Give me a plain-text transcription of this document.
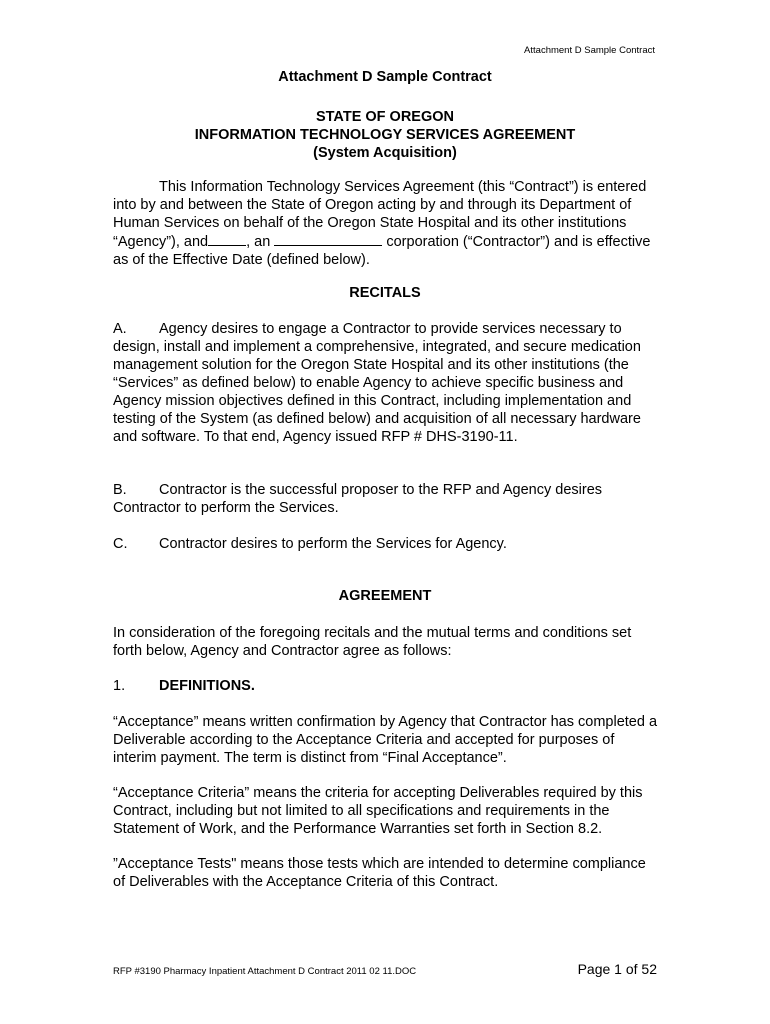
Attachment D Sample Contract
Attachment D Sample Contract
STATE OF OREGON
INFORMATION TECHNOLOGY SERVICES AGREEMENT
(System Acquisition)
This Information Technology Services Agreement (this “Contract”) is entered into by and between the State of Oregon acting by and through its Department of Human Services on behalf of the Oregon State Hospital and its other institutions “Agency”), and	, an	corporation (“Contractor”) and is effective as of the Effective Date (defined below).
RECITALS
A. Agency desires to engage a Contractor to provide services necessary to design, install and implement a comprehensive, integrated, and secure medication management solution for the Oregon State Hospital and its other institutions (the “Services” as defined below) to enable Agency to achieve specific business and Agency mission objectives defined in this Contract, including implementation and testing of the System (as defined below) and acquisition of all necessary hardware and software. To that end, Agency issued RFP # DHS-3190-11.
B. Contractor is the successful proposer to the RFP and Agency desires Contractor to perform the Services.
C. Contractor desires to perform the Services for Agency.
AGREEMENT
In consideration of the foregoing recitals and the mutual terms and conditions set forth below, Agency and Contractor agree as follows:
1. DEFINITIONS.
“Acceptance” means written confirmation by Agency that Contractor has completed a Deliverable according to the Acceptance Criteria and accepted for purposes of interim payment. The term is distinct from “Final Acceptance”.
“Acceptance Criteria” means the criteria for accepting Deliverables required by this Contract, including but not limited to all specifications and requirements in the Statement of Work, and the Performance Warranties set forth in Section 8.2.
”Acceptance Tests" means those tests which are intended to determine compliance of Deliverables with the Acceptance Criteria of this Contract.
RFP #3190 Pharmacy Inpatient Attachment D Contract 2011 02 11.DOC	Page 1 of 52
